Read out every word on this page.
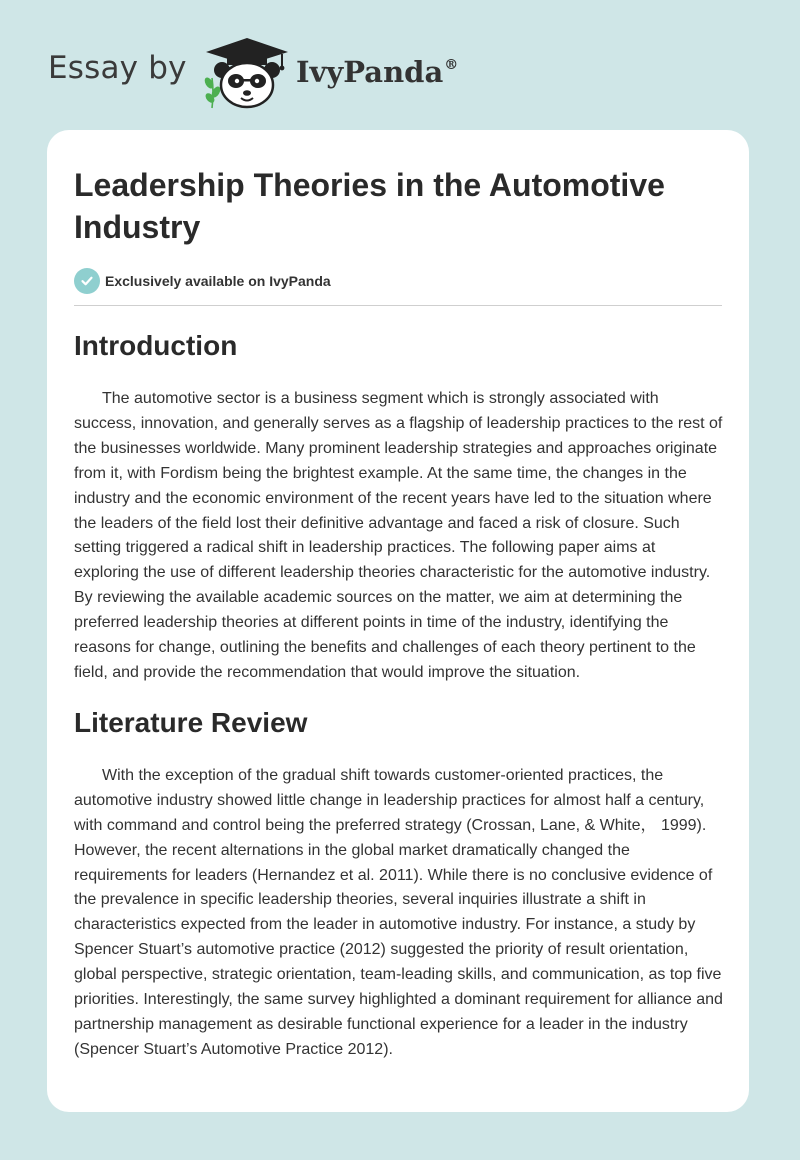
Essay by	IvyPanda®
Leadership Theories in the Automotive Industry
Exclusively available on IvyPanda
Introduction

The automotive sector is a business segment which is strongly associated with success, innovation, and generally serves as a flagship of leadership practices to the rest of the businesses worldwide. Many prominent leadership strategies and approaches originate from it, with Fordism being the brightest example. At the same time, the changes in the industry and the economic environment of the recent years have led to the situation where the leaders of the field lost their definitive advantage and faced a risk of closure. Such setting triggered a radical shift in leadership practices. The following paper aims at exploring the use of different leadership theories characteristic for the automotive industry. By reviewing the available academic sources on the matter, we aim at determining the preferred leadership theories at different points in time of the industry, identifying the reasons for change, outlining the benefits and challenges of each theory pertinent to the field, and provide the recommendation that would improve the situation.

Literature Review

With the exception of the gradual shift towards customer-oriented practices, the automotive industry showed little change in leadership practices for almost half a century, with command and control being the preferred strategy (Crossan, Lane, & White， 1999). However, the recent alternations in the global market dramatically changed the requirements for leaders (Hernandez et al. 2011). While there is no conclusive evidence of the prevalence in specific leadership theories, several inquiries illustrate a shift in characteristics expected from the leader in automotive industry. For instance, a study by Spencer Stuart’s automotive practice (2012) suggested the priority of result orientation, global perspective, strategic orientation, team-leading skills, and communication, as top five priorities. Interestingly, the same survey highlighted a dominant requirement for alliance and partnership management as desirable functional experience for a leader in the industry (Spencer Stuart’s Automotive Practice 2012).
